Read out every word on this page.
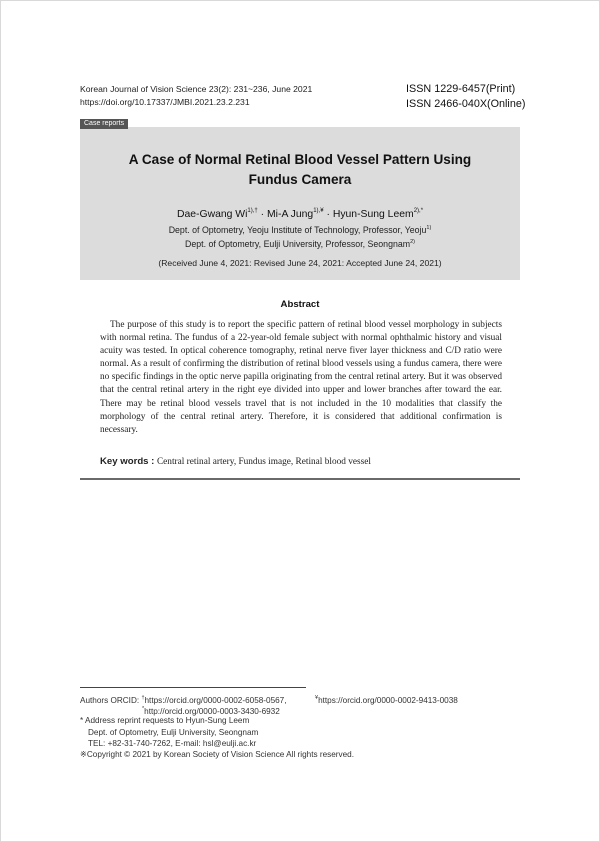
Korean Journal of Vision Science 23(2): 231~236, June 2021
https://doi.org/10.17337/JMBI.2021.23.2.231
ISSN 1229-6457(Print)
ISSN 2466-040X(Online)
Case reports
A Case of Normal Retinal Blood Vessel Pattern Using
Fundus Camera
Dae-Gwang $Wi^{1),\dagger} \cdot Mi-A$ Jung$^{1),¥}$ · Hyun-Sung Leem$^{2),*}$
Dept. of Optometry, Yeoju Institute of Technology, Professor, Yeoju$^{1)}$
Dept. of Optometry, Eulji University, Professor, Seongnam$^{2)}$
(Received June 4, 2021: Revised June 24, 2021: Accepted June 24, 2021)
Abstract
The purpose of this study is to report the specific pattern of retinal blood vessel morphology in subjects with normal retina. The fundus of a 22-year-old female subject with normal ophthalmic history and visual acuity was tested. In optical coherence tomography, retinal nerve fiver layer thickness and C/D ratio were normal. As a result of confirming the distribution of retinal blood vessels using a fundus camera, there were no specific findings in the optic nerve papilla originating from the central retinal artery. But it was observed that the central retinal artery in the right eye divided into upper and lower branches after toward the ear. There may be retinal blood vessels travel that is not included in the 10 modalities that classify the morphology of the central retinal artery. Therefore, it is considered that additional confirmation is necessary.
Key words : Central retinal artery, Fundus image, Retinal blood vessel
Authors ORCID: †https://orcid.org/0000-0002-6058-0567,	¥https://orcid.org/0000-0002-9413-0038
*http://orcid.org/0000-0003-3430-6932
* Address reprint requests to Hyun-Sung Leem
Dept. of Optometry, Eulji University, Seongnam
TEL: +82-31-740-7262, E-mail: hsl@eulji.ac.kr
※Copyright © 2021 by Korean Society of Vision Science All rights reserved.
